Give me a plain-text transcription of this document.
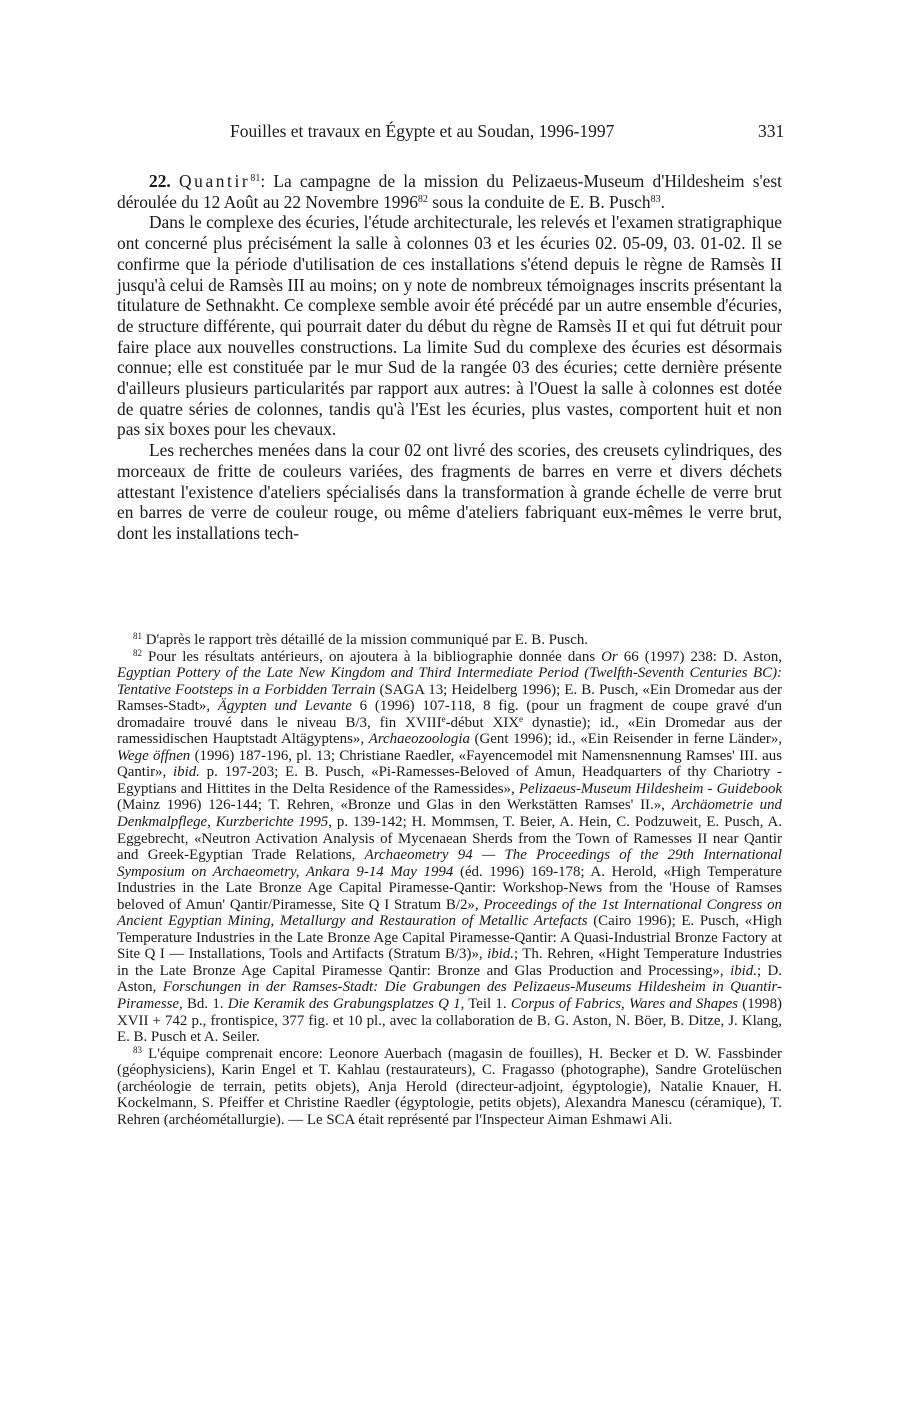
Fouilles et travaux en Égypte et au Soudan, 1996-1997	331

22. Quantir$^{81}$: La campagne de la mission du Pelizaeus-Museum d'Hildesheim s'est déroulée du 12 Août au 22 Novembre 1996$^{82}$ sous la conduite de E. B. Pusch$^{83}$.

Dans le complexe des écuries, l'étude architecturale, les relevés et l'examen stratigraphique ont concerné plus précisément la salle à colonnes 03 et les écuries 02. 05-09, 03. 01-02. Il se confirme que la période d'utilisation de ces installations s'étend depuis le règne de Ramsès II jusqu'à celui de Ramsès III au moins; on y note de nombreux témoignages inscrits présentant la titulature de Sethnakht. Ce complexe semble avoir été précédé par un autre ensemble d'écuries, de structure différente, qui pourrait dater du début du règne de Ramsès II et qui fut détruit pour faire place aux nouvelles constructions. La limite Sud du complexe des écuries est désormais connue; elle est constituée par le mur Sud de la rangée 03 des écuries; cette dernière présente d'ailleurs plusieurs particularités par rapport aux autres: à l'Ouest la salle à colonnes est dotée de quatre séries de colonnes, tandis qu'à l'Est les écuries, plus vastes, comportent huit et non pas six boxes pour les chevaux.

Les recherches menées dans la cour 02 ont livré des scories, des creusets cylindriques, des morceaux de fritte de couleurs variées, des fragments de barres en verre et divers déchets attestant l'existence d'ateliers spécialisés dans la transformation à grande échelle de verre brut en barres de verre de couleur rouge, ou même d'ateliers fabriquant eux-mêmes le verre brut, dont les installations tech-

$^{81}$ D'après le rapport très détaillé de la mission communiqué par E. B. Pusch.

$^{82}$ Pour les résultats antérieurs, on ajoutera à la bibliographie donnée dans Or 66 (1997) 238: D. Aston, Egyptian Pottery of the Late New Kingdom and Third Intermediate Period (Twelfth-Seventh Centuries BC): Tentative Footsteps in a Forbidden Terrain (SAGA 13; Heidelberg 1996); E. B. Pusch, «Ein Dromedar aus der Ramses-Stadt», Ägypten und Levante 6 (1996) 107-118, 8 fig. (pour un fragment de coupe gravé d'un dromadaire trouvé dans le niveau B/3, fin XVIIIe-début XIXe dynastie); id., «Ein Dromedar aus der ramessidischen Hauptstadt Altägyptens», Archaeozoologia (Gent 1996); id., «Ein Reisender in ferne Länder», Wege öffnen (1996) 187-196, pl. 13; Christiane Raedler, «Fayencemodel mit Namensnennung Ramses' III. aus Qantir», ibid. p. 197-203; E. B. Pusch, «Pi-Ramesses-Beloved of Amun, Headquarters of thy Chariotry - Egyptians and Hittites in the Delta Residence of the Ramessides», Pelizaeus-Museum Hildesheim - Guidebook (Mainz 1996) 126-144; T. Rehren, «Bronze und Glas in den Werkstätten Ramses' II.», Archäometrie und Denkmalpflege, Kurzberichte 1995, p. 139-142; H. Mommsen, T. Beier, A. Hein, C. Podzuweit, E. Pusch, A. Eggebrecht, «Neutron Activation Analysis of Mycenaean Sherds from the Town of Ramesses II near Qantir and Greek-Egyptian Trade Relations, Archaeometry 94 — The Proceedings of the 29th International Symposium on Archaeometry, Ankara 9-14 May 1994 (éd. 1996) 169-178; A. Herold, «High Temperature Industries in the Late Bronze Age Capital Piramesse-Qantir: Workshop-News from the 'House of Ramses beloved of Amun' Qantir/Piramesse, Site Q I Stratum B/2», Proceedings of the 1st International Congress on Ancient Egyptian Mining, Metallurgy and Restauration of Metallic Artefacts (Cairo 1996); E. Pusch, «High Temperature Industries in the Late Bronze Age Capital Piramesse-Qantir: A Quasi-Industrial Bronze Factory at Site Q I — Installations, Tools and Artifacts (Stratum B/3)», ibid.; Th. Rehren, «Hight Temperature Industries in the Late Bronze Age Capital Piramesse Qantir: Bronze and Glas Production and Processing», ibid.; D. Aston, Forschungen in der Ramses-Stadt: Die Grabungen des Pelizaeus-Museums Hildesheim in Quantir-Piramesse, Bd. 1. Die Keramik des Grabungsplatzes Q 1, Teil 1. Corpus of Fabrics, Wares and Shapes (1998) XVII + 742 p., frontispice, 377 fig. et 10 pl., avec la collaboration de B. G. Aston, N. Böer, B. Ditze, J. Klang, E. B. Pusch et A. Seiler.

$^{83}$ L'équipe comprenait encore: Leonore Auerbach (magasin de fouilles), H. Becker et D. W. Fassbinder (géophysiciens), Karin Engel et T. Kahlau (restaurateurs), C. Fragasso (photographe), Sandre Grotelüschen (archéologie de terrain, petits objets), Anja Herold (directeur-adjoint, égyptologie), Natalie Knauer, H. Kockelmann, S. Pfeiffer et Christine Raedler (égyptologie, petits objets), Alexandra Manescu (céramique), T. Rehren (archéométallurgie). — Le SCA était représenté par l'Inspecteur Aiman Eshmawi Ali.
